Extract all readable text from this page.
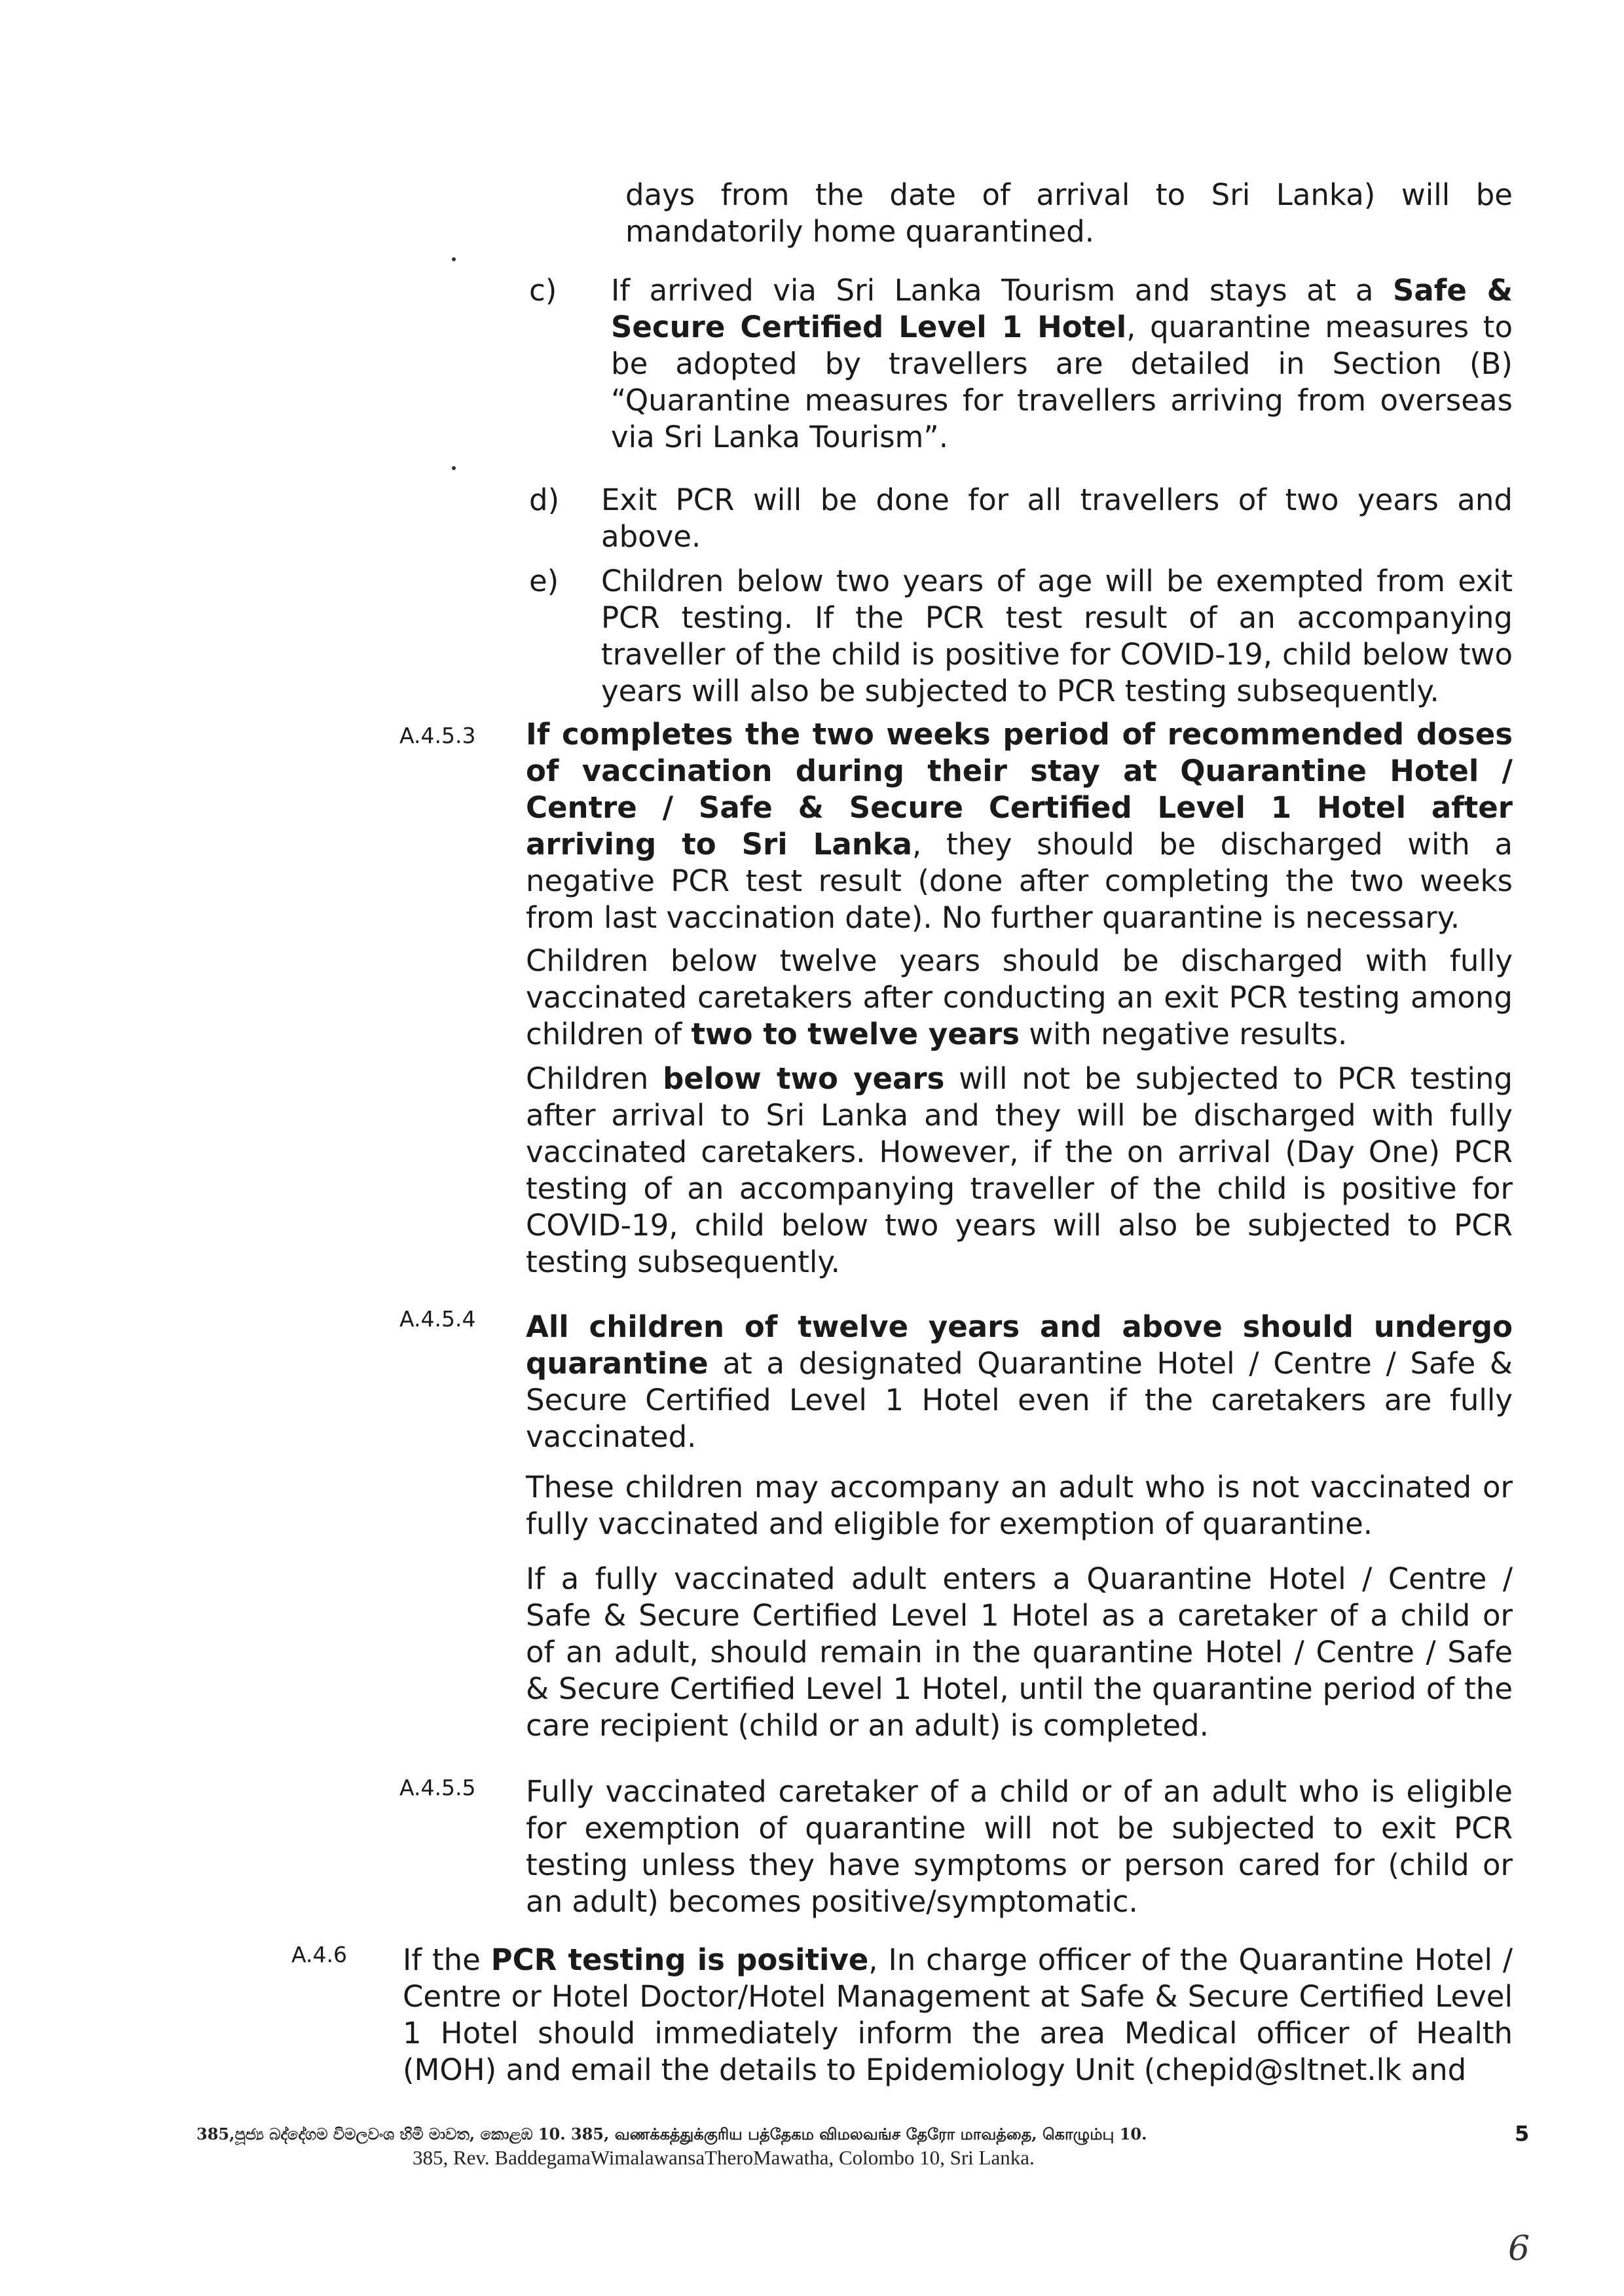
days from the date of arrival to Sri Lanka) will be mandatorily home quarantined.
c) If arrived via Sri Lanka Tourism and stays at a Safe & Secure Certified Level 1 Hotel, quarantine measures to be adopted by travellers are detailed in Section (B) “Quarantine measures for travellers arriving from overseas via Sri Lanka Tourism”.
d) Exit PCR will be done for all travellers of two years and above.
e) Children below two years of age will be exempted from exit PCR testing. If the PCR test result of an accompanying traveller of the child is positive for COVID-19, child below two years will also be subjected to PCR testing subsequently.
A.4.5.3 If completes the two weeks period of recommended doses of vaccination during their stay at Quarantine Hotel / Centre / Safe & Secure Certified Level 1 Hotel after arriving to Sri Lanka, they should be discharged with a negative PCR test result (done after completing the two weeks from last vaccination date). No further quarantine is necessary.
Children below twelve years should be discharged with fully vaccinated caretakers after conducting an exit PCR testing among children of two to twelve years with negative results.
Children below two years will not be subjected to PCR testing after arrival to Sri Lanka and they will be discharged with fully vaccinated caretakers. However, if the on arrival (Day One) PCR testing of an accompanying traveller of the child is positive for COVID-19, child below two years will also be subjected to PCR testing subsequently.
A.4.5.4 All children of twelve years and above should undergo quarantine at a designated Quarantine Hotel / Centre / Safe & Secure Certified Level 1 Hotel even if the caretakers are fully vaccinated.
These children may accompany an adult who is not vaccinated or fully vaccinated and eligible for exemption of quarantine.
If a fully vaccinated adult enters a Quarantine Hotel / Centre / Safe & Secure Certified Level 1 Hotel as a caretaker of a child or of an adult, should remain in the quarantine Hotel / Centre / Safe & Secure Certified Level 1 Hotel, until the quarantine period of the care recipient (child or an adult) is completed.
A.4.5.5 Fully vaccinated caretaker of a child or of an adult who is eligible for exemption of quarantine will not be subjected to exit PCR testing unless they have symptoms or person cared for (child or an adult) becomes positive/symptomatic.
A.4.6 If the PCR testing is positive, In charge officer of the Quarantine Hotel / Centre or Hotel Doctor/Hotel Management at Safe & Secure Certified Level 1 Hotel should immediately inform the area Medical officer of Health (MOH) and email the details to Epidemiology Unit (chepid@sltnet.lk and
385,පූජ්‍ය බද්දේගම විමලවංශ හිමි මාවත, කොළඹ 10. 385, வணக்கத்துக்குரிய பத்தேகம விமலவங்ச தேரோ மாவத்தை, கொழும்பு 10.
385, Rev. BaddegamaWimalawansaTheroMawatha, Colombo 10, Sri Lanka.
5
6
